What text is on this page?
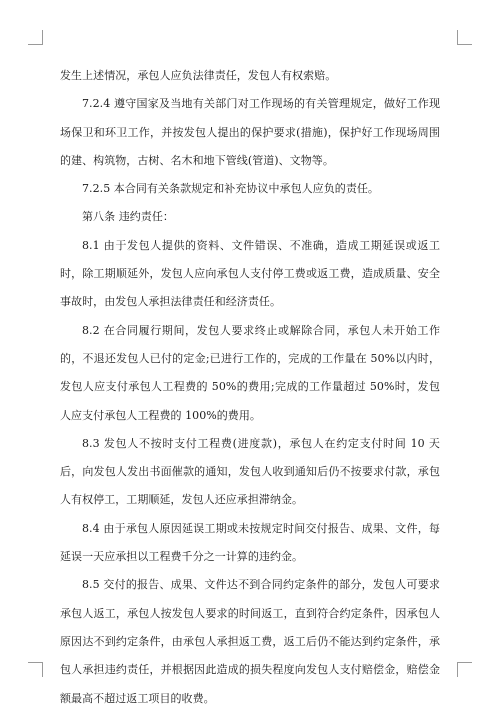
发生上述情况，承包人应负法律责任，发包人有权索赔。

7.2.4 遵守国家及当地有关部门对工作现场的有关管理规定，做好工作现场保卫和环卫工作，并按发包人提出的保护要求(措施)，保护好工作现场周围的建、构筑物，古树、名木和地下管线(管道)、文物等。

7.2.5 本合同有关条款规定和补充协议中承包人应负的责任。

第八条 违约责任：

8.1 由于发包人提供的资料、文件错误、不准确，造成工期延误或返工时，除工期顺延外，发包人应向承包人支付停工费或返工费，造成质量、安全事故时，由发包人承担法律责任和经济责任。

8.2 在合同履行期间，发包人要求终止或解除合同，承包人未开始工作的，不退还发包人已付的定金;已进行工作的，完成的工作量在 50%以内时，发包人应支付承包人工程费的 50%的费用;完成的工作量超过 50%时，发包人应支付承包人工程费的 100%的费用。

8.3 发包人不按时支付工程费(进度款)，承包人在约定支付时间 10 天后，向发包人发出书面催款的通知，发包人收到通知后仍不按要求付款，承包人有权停工，工期顺延，发包人还应承担滞纳金。

8.4 由于承包人原因延误工期或未按规定时间交付报告、成果、文件，每延误一天应承担以工程费千分之一计算的违约金。

8.5 交付的报告、成果、文件达不到合同约定条件的部分，发包人可要求承包人返工，承包人按发包人要求的时间返工，直到符合约定条件，因承包人原因达不到约定条件，由承包人承担返工费，返工后仍不能达到约定条件，承包人承担违约责任，并根据因此造成的损失程度向发包人支付赔偿金，赔偿金额最高不超过返工项目的收费。
